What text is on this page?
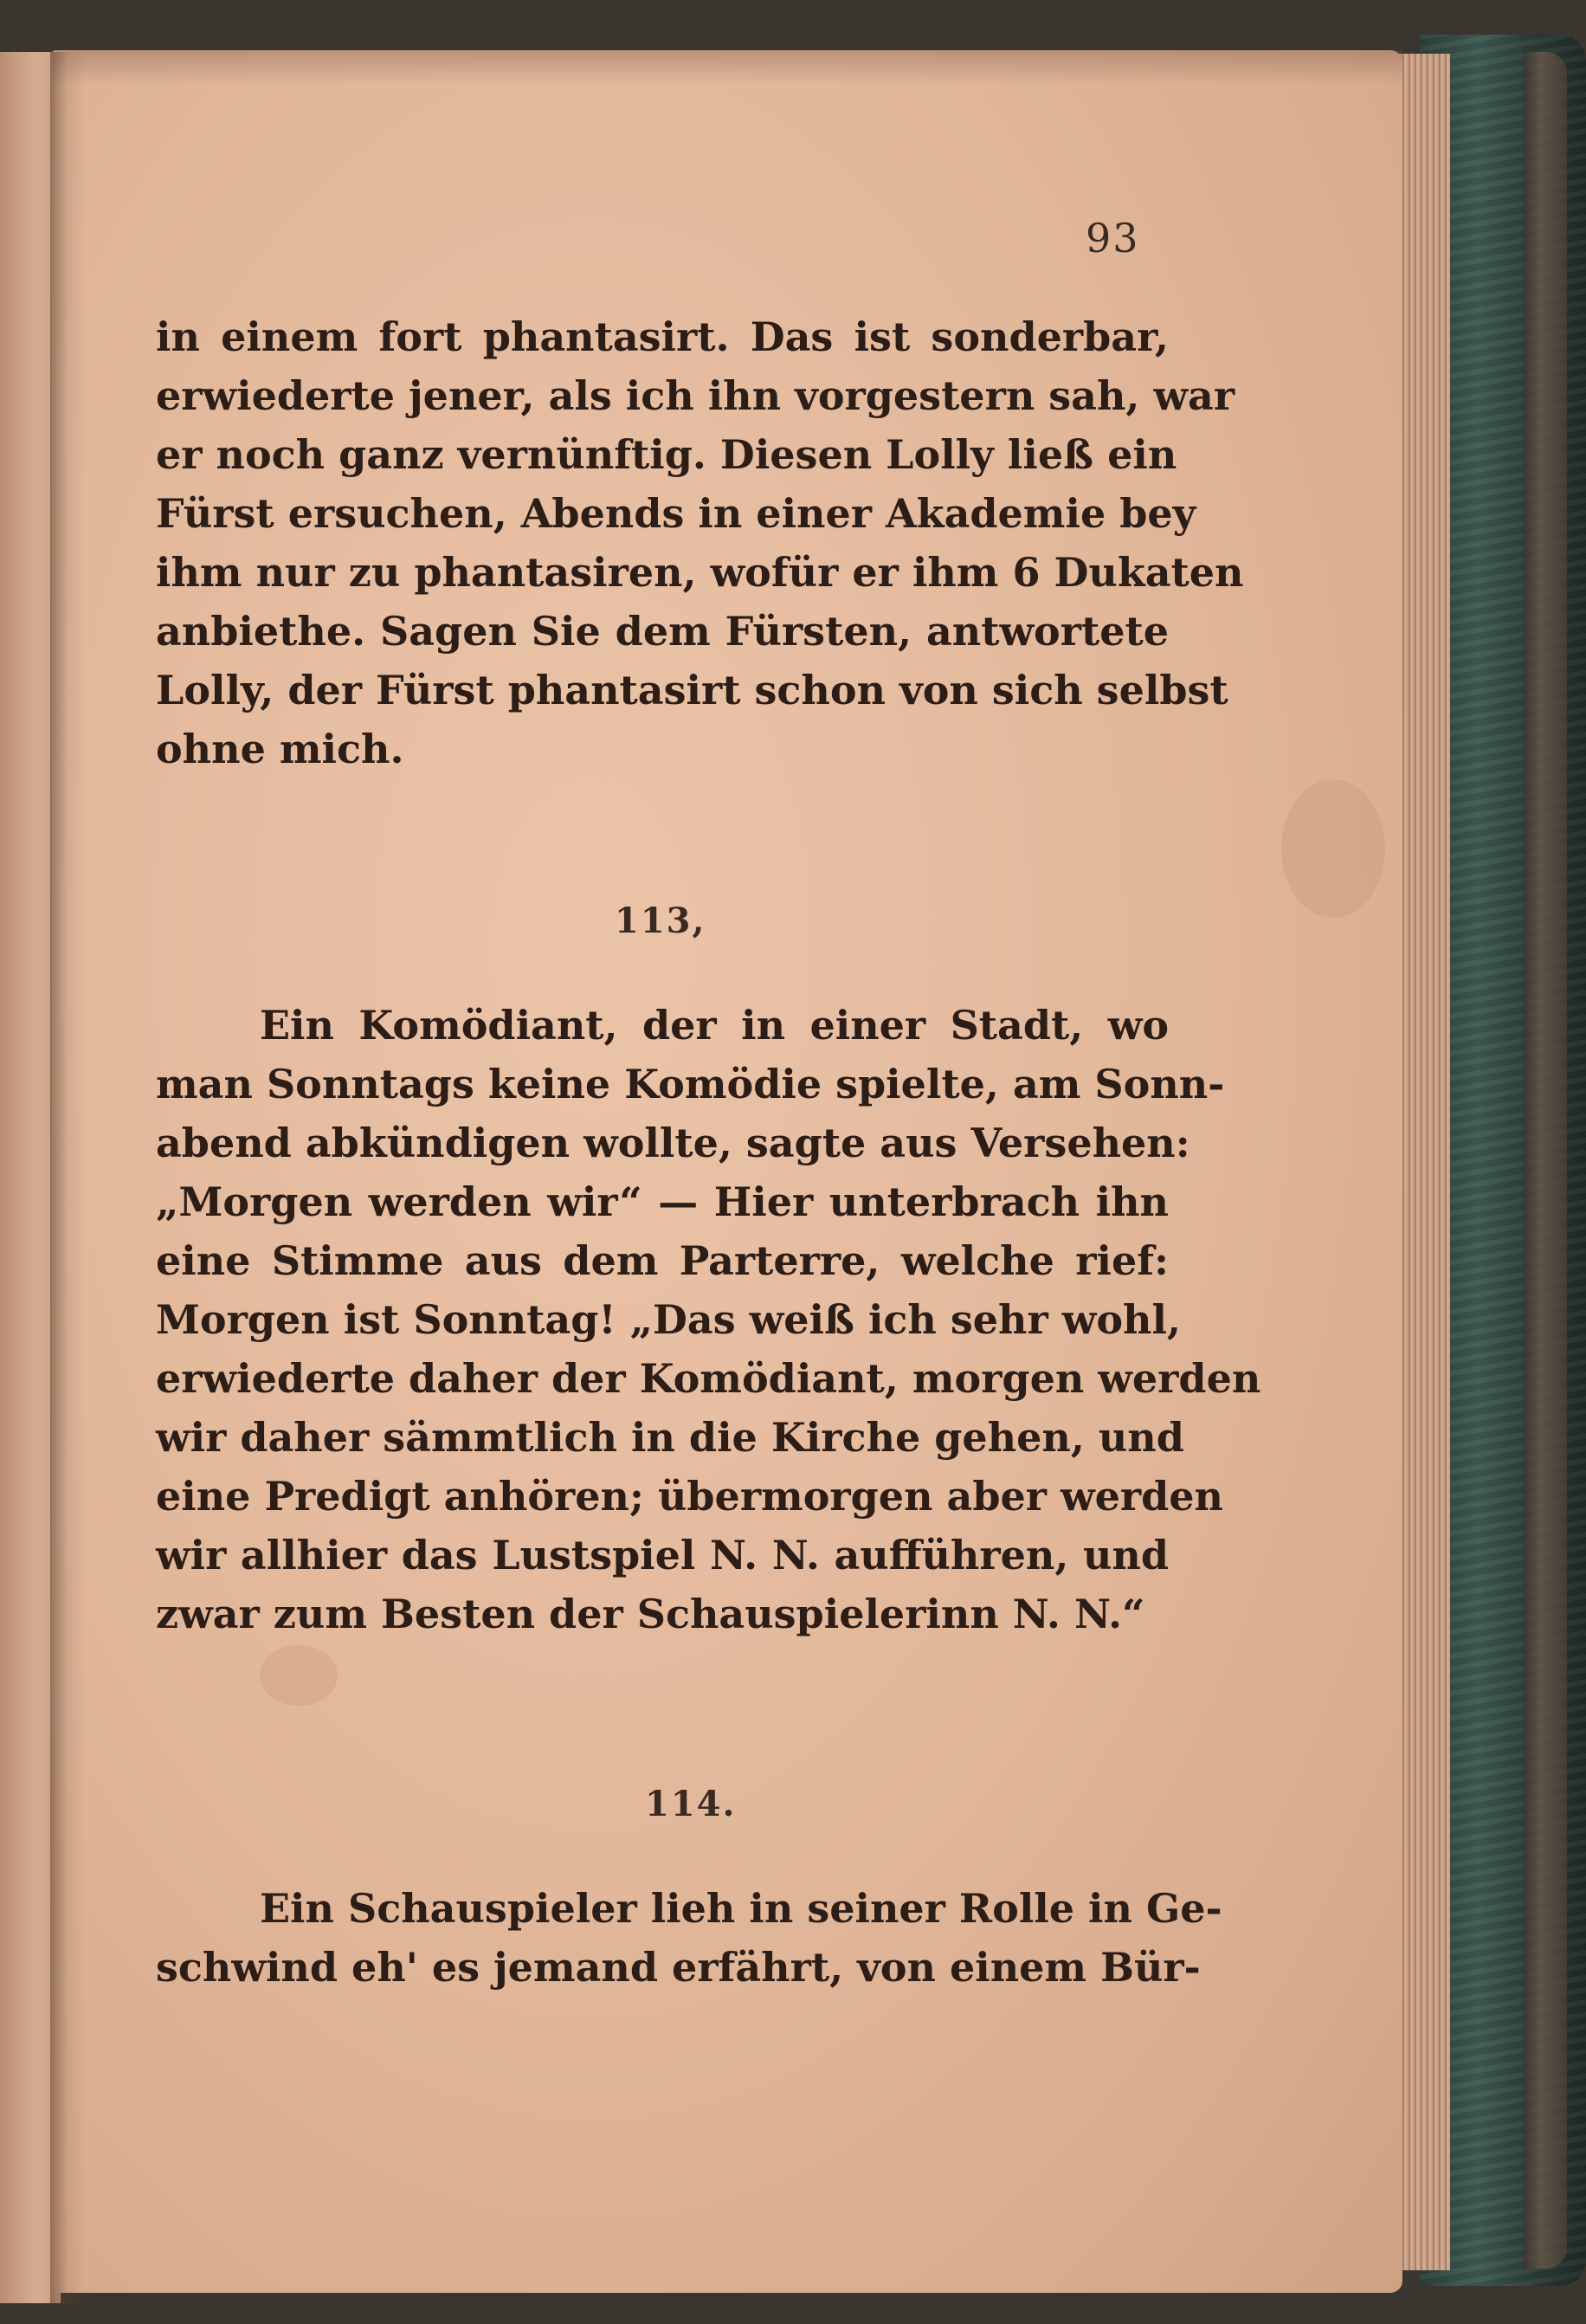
93
in einem fort phantasirt. Das ist sonderbar,
erwiederte jener, als ich ihn vorgestern sah, war
er noch ganz vernünftig. Diesen Lolly ließ ein
Fürst ersuchen, Abends in einer Akademie bey
ihm nur zu phantasiren, wofür er ihm 6 Dukaten
anbiethe. Sagen Sie dem Fürsten, antwortete
Lolly, der Fürst phantasirt schon von sich selbst
ohne mich.
113,
Ein Komödiant, der in einer Stadt, wo
man Sonntags keine Komödie spielte, am Sonn-
abend abkündigen wollte, sagte aus Versehen:
„Morgen werden wir“ — Hier unterbrach ihn
eine Stimme aus dem Parterre, welche rief:
Morgen ist Sonntag! „Das weiß ich sehr wohl,
erwiederte daher der Komödiant, morgen werden
wir daher sämmtlich in die Kirche gehen, und
eine Predigt anhören; übermorgen aber werden
wir allhier das Lustspiel N. N. aufführen, und
zwar zum Besten der Schauspielerinn N. N.“
114.
Ein Schauspieler lieh in seiner Rolle in Ge-
schwind eh' es jemand erfährt, von einem Bür-
